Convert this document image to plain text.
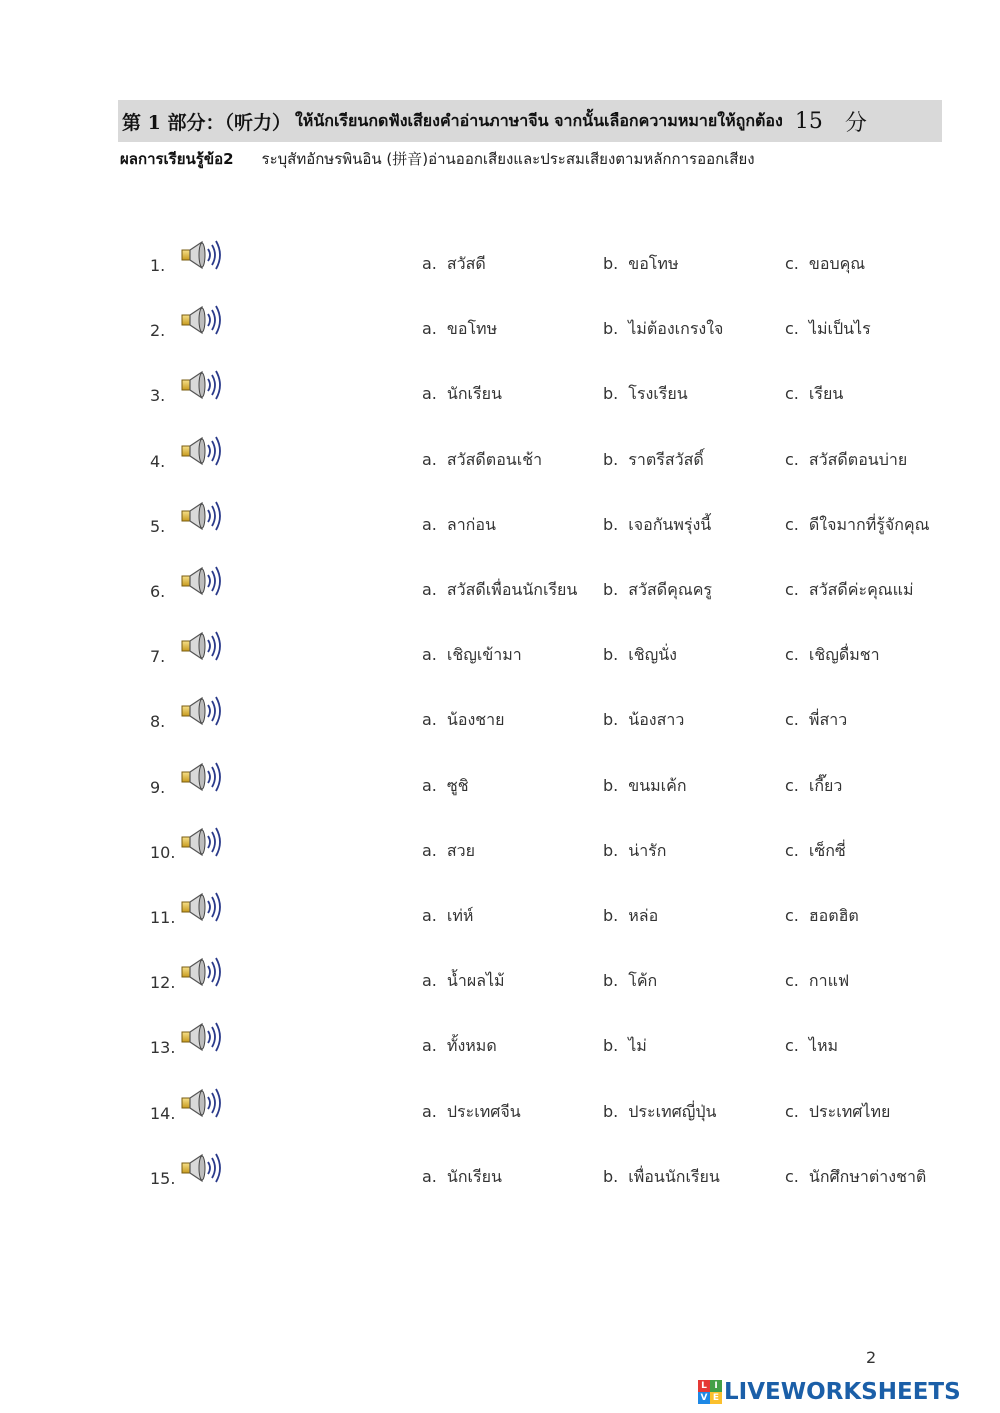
第 1 部分：（听力） ให้นักเรียนกดฟังเสียงคำอ่านภาษาจีน จากนั้นเลือกความหมายให้ถูกต้อง 15 分
ผลการเรียนรู้ข้อ2 ระบุสัทอักษรพินอิน (拼音)อ่านออกเสียงและประสมเสียงตามหลักการออกเสียง
1.	a. สวัสดี	b. ขอโทษ	c. ขอบคุณ
2.	a. ขอโทษ	b. ไม่ต้องเกรงใจ	c. ไม่เป็นไร
3.	a. นักเรียน	b. โรงเรียน	c. เรียน
4.	a. สวัสดีตอนเช้า	b. ราตรีสวัสดิ์	c. สวัสดีตอนบ่าย
5.	a. ลาก่อน	b. เจอกันพรุ่งนี้	c. ดีใจมากที่รู้จักคุณ
6.	a. สวัสดีเพื่อนนักเรียน b. สวัสดีคุณครู	c. สวัสดีค่ะคุณแม่
7.	a. เชิญเข้ามา	b. เชิญนั่ง	c. เชิญดื่มชา
8.	a. น้องชาย	b. น้องสาว	c. พี่สาว
9.	a. ซูชิ	b. ขนมเค้ก	c. เกี๊ยว
10.	a. สวย	b. น่ารัก	c. เซ็กซี่
11.	a. เท่ห์	b. หล่อ	c. ฮอตฮิต
12.	a. น้ำผลไม้	b. โค้ก	c. กาแฟ
13.	a. ทั้งหมด	b. ไม่	c. ไหม
14.	a. ประเทศจีน	b. ประเทศญี่ปุ่น	c. ประเทศไทย
15.	a. นักเรียน	b. เพื่อนนักเรียน	c. นักศึกษาต่างชาติ
2
L I
V E LIVEWORKSHEETS
